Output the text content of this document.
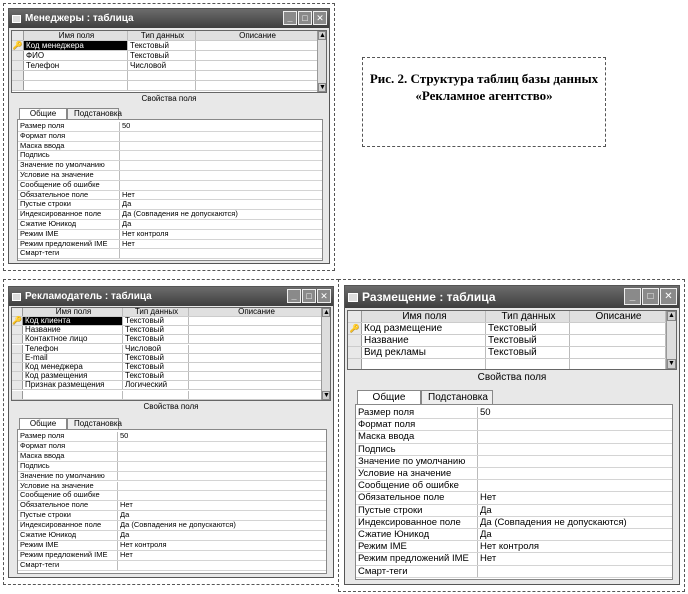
Рис. 2. Структура таблиц базы данных «Рекламное агентство»
Менеджеры : таблица	_	□ ✕
Имя поля	Тип данных	Описание
🔑 Код менеджера	Текстовый
ФИО	Текстовый
Телефон	Числовой
▲
▼
Свойства поля
Общие	Подстановка
Размер поля	50
Формат поля
Маска ввода
Подпись
Значение по умолчанию
Условие на значение
Сообщение об ошибке
Обязательное поле	Нет
Пустые строки	Да
Индексированное поле	Да (Совпадения не допускаются)
Сжатие Юникод	Да
Режим IME	Нет контроля
Режим предложений IME	Нет
Смарт-теги
Рекламодатель : таблица	_	□ ✕
Имя поля	Тип данных	Описание
🔑 Код клиента	Текстовый
Название	Текстовый
Контактное лицо	Текстовый
Телефон	Числовой
E-mail	Текстовый
Код менеджера	Текстовый
Код размещения	Текстовый
Признак размещения	Логический
▲
▼
Свойства поля
Общие	Подстановка
Размер поля	50
Формат поля
Маска ввода
Подпись
Значение по умолчанию
Условие на значение
Сообщение об ошибке
Обязательное поле	Нет
Пустые строки	Да
Индексированное поле	Да (Совпадения не допускаются)
Сжатие Юникод	Да
Режим IME	Нет контроля
Режим предложений IME	Нет
Смарт-теги
Размещение : таблица	_	□	✕
Имя поля	Тип данных	Описание
🔑 Код размещение	Текстовый
Название	Текстовый
Вид рекламы	Текстовый
▲
▼
Свойства поля
Общие	Подстановка
Размер поля	50
Формат поля
Маска ввода
Подпись
Значение по умолчанию
Условие на значение
Сообщение об ошибке
Обязательное поле	Нет
Пустые строки	Да
Индексированное поле	Да (Совпадения не допускаются)
Сжатие Юникод	Да
Режим IME	Нет контроля
Режим предложений IME	Нет
Смарт-теги
